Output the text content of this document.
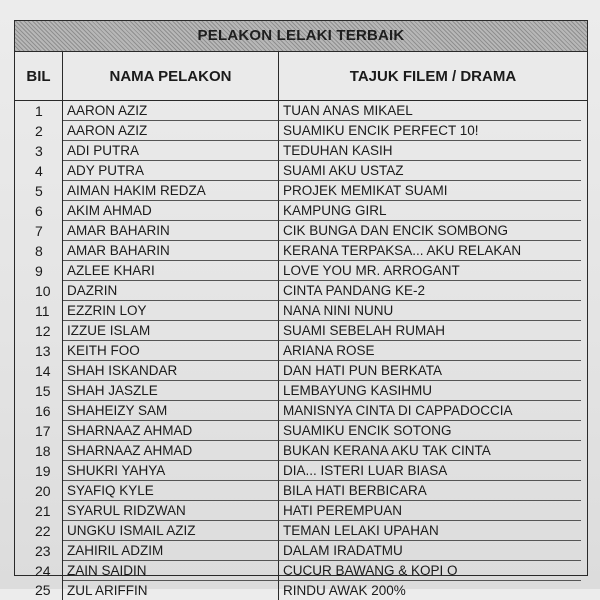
PELAKON LELAKI TERBAIK
BIL	NAMA PELAKON	TAJUK FILEM / DRAMA
1	AARON AZIZ	TUAN ANAS MIKAEL
2	AARON AZIZ	SUAMIKU ENCIK PERFECT 10!
3	ADI PUTRA	TEDUHAN KASIH
4	ADY PUTRA	SUAMI AKU USTAZ
5	AIMAN HAKIM REDZA	PROJEK MEMIKAT SUAMI
6	AKIM AHMAD	KAMPUNG GIRL
7	AMAR BAHARIN	CIK BUNGA DAN ENCIK SOMBONG
8	AMAR BAHARIN	KERANA TERPAKSA... AKU RELAKAN
9	AZLEE KHARI	LOVE YOU MR. ARROGANT
10	DAZRIN	CINTA PANDANG KE-2
11	EZZRIN LOY	NANA NINI NUNU
12	IZZUE ISLAM	SUAMI SEBELAH RUMAH
13	KEITH FOO	ARIANA ROSE
14	SHAH ISKANDAR	DAN HATI PUN BERKATA
15	SHAH JASZLE	LEMBAYUNG KASIHMU
16	SHAHEIZY SAM	MANISNYA CINTA DI CAPPADOCCIA
17	SHARNAAZ AHMAD	SUAMIKU ENCIK SOTONG
18	SHARNAAZ AHMAD	BUKAN KERANA AKU TAK CINTA
19	SHUKRI YAHYA	DIA... ISTERI LUAR BIASA
20	SYAFIQ KYLE	BILA HATI BERBICARA
21	SYARUL RIDZWAN	HATI PEREMPUAN
22	UNGKU ISMAIL AZIZ	TEMAN LELAKI UPAHAN
23	ZAHIRIL ADZIM	DALAM IRADATMU
24	ZAIN SAIDIN	CUCUR BAWANG & KOPI O
25	ZUL ARIFFIN	RINDU AWAK 200%
